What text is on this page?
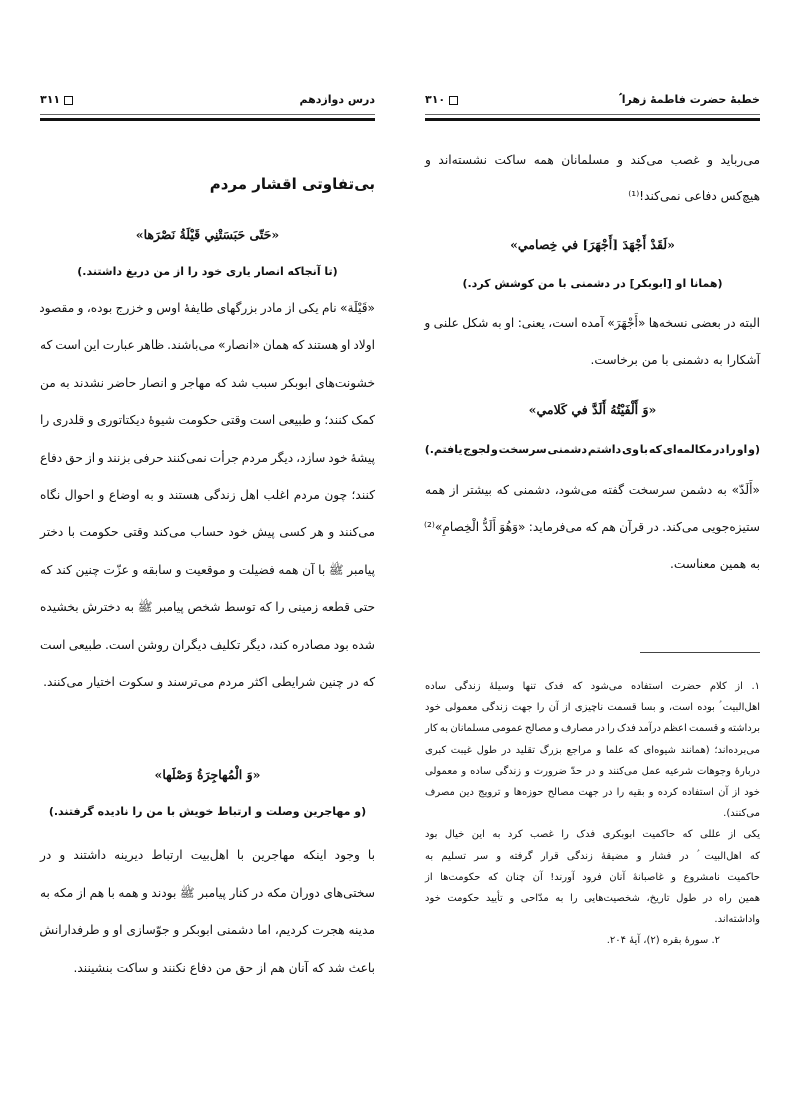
درس دوازدهم
۳۱۱
بی‌تفاوتی اقشار مردم
«حَتّی حَبَسَتْنِي قَيْلَةُ نَصْرَها»
(تا آنجاکه انصار یاری خود را از من دریغ داشتند.)
«قَیْلَة» نام یکی از مادر بزرگهای طایفهٔ اوس و خزرج بوده، و مقصود
اولاد او هستند که همان «انصار» می‌باشند. ظاهر عبارت این است که
خشونت‌های ابوبکر سبب شد که مهاجر و انصار حاضر نشدند به من
کمک کنند؛ و طبیعی است وقتی حکومت شیوهٔ دیکتاتوری و قلدری را
پیشهٔ خود سازد، دیگر مردم جرأت نمی‌کنند حرفی بزنند و از حق دفاع
کنند؛ چون مردم اغلب اهل زندگی هستند و به اوضاع و احوال نگاه
می‌کنند و هر کسی پیش خود حساب می‌کند وقتی حکومت با دختر
پیامبر ﷺ با آن همه فضیلت و موقعیت و سابقه و عزّت چنین کند که
حتی قطعه زمینی را که توسط شخص پیامبر ﷺ به دخترش بخشیده
شده بود مصادره کند، دیگر تکلیف دیگران روشن است. طبیعی است
که در چنین شرایطی اکثر مردم می‌ترسند و سکوت اختیار می‌کنند.
«وَ الْمُهاجِرَةُ وَصْلَها»
(و مهاجرین وصلت و ارتباط خویش با من را نادیده گرفتند.)
با وجود اینکه مهاجرین با اهل‌بیت ارتباط دیرینه داشتند و در
سختی‌های دوران مکه در کنار پیامبر ﷺ بودند و همه با هم از مکه به
مدینه هجرت کردیم، اما دشمنی ابوبکر و جوّسازی او و طرفدارانش
باعث شد که آنان هم از حق من دفاع نکنند و ساکت بنشینند.
خطبهٔ حضرت فاطمهٔ زهرا ؑ
۳۱۰
می‌رباید و غصب می‌کند و مسلمانان همه ساکت نشسته‌اند و
هیچ‌کس دفاعی نمی‌کند!⁽¹⁾
«لَقَدْ أَجْهَدَ [أَجْهَرَ] في خِصامي»
(همانا او [ابوبکر] در دشمنی با من کوشش کرد.)
البته در بعضی نسخه‌ها «أَجْهَرَ» آمده است، یعنی: او به شکل علنی و
آشکارا به دشمنی با من برخاست.
«وَ أَلْفَيْتُهُ أَلَدَّ في كَلامي»
(و او را در مکالمه‌ای که با وی داشتم دشمنی سرسخت و لجوج یافتم.)
«أَلَدّ» به دشمن سرسخت گفته می‌شود، دشمنی که بیشتر از همه
ستیزه‌جویی می‌کند. در قرآن هم که می‌فرماید: «وَهُوَ أَلَدُّ الْخِصامِ»⁽²⁾
به همین معناست.
۱. از کلام حضرت استفاده می‌شود که فدک تنها وسیلهٔ زندگی ساده
اهل‌البیت ؑ بوده است، و بسا قسمت ناچیزی از آن را جهت زندگی معمولی خود
برداشته و قسمت اعظم درآمد فدک را در مصارف و مصالح عمومی مسلمانان به کار
می‌برده‌اند؛ (همانند شیوه‌ای که علما و مراجع بزرگ تقلید در طول غیبت کبری
دربارهٔ وجوهات شرعیه عمل می‌کنند و در حدّ ضرورت و زندگی ساده و معمولی
خود از آن استفاده کرده و بقیه را در جهت مصالح حوزه‌ها و ترویج دین مصرف
می‌کنند).
یکی از عللی که حاکمیت ابوبکری فدک را غصب کرد به این خیال بود
که اهل‌البیت ؑ در فشار و مضیقهٔ زندگی قرار گرفته و سر تسلیم به
حاکمیت نامشروع و غاصبانهٔ آنان فرود آورند! آن چنان که حکومت‌ها از
همین راه در طول تاریخ، شخصیت‌هایی را به مدّاحی و تأیید حکومت خود
واداشته‌اند.
۲. سورهٔ بقره (۲)، آیهٔ ۲۰۴.
